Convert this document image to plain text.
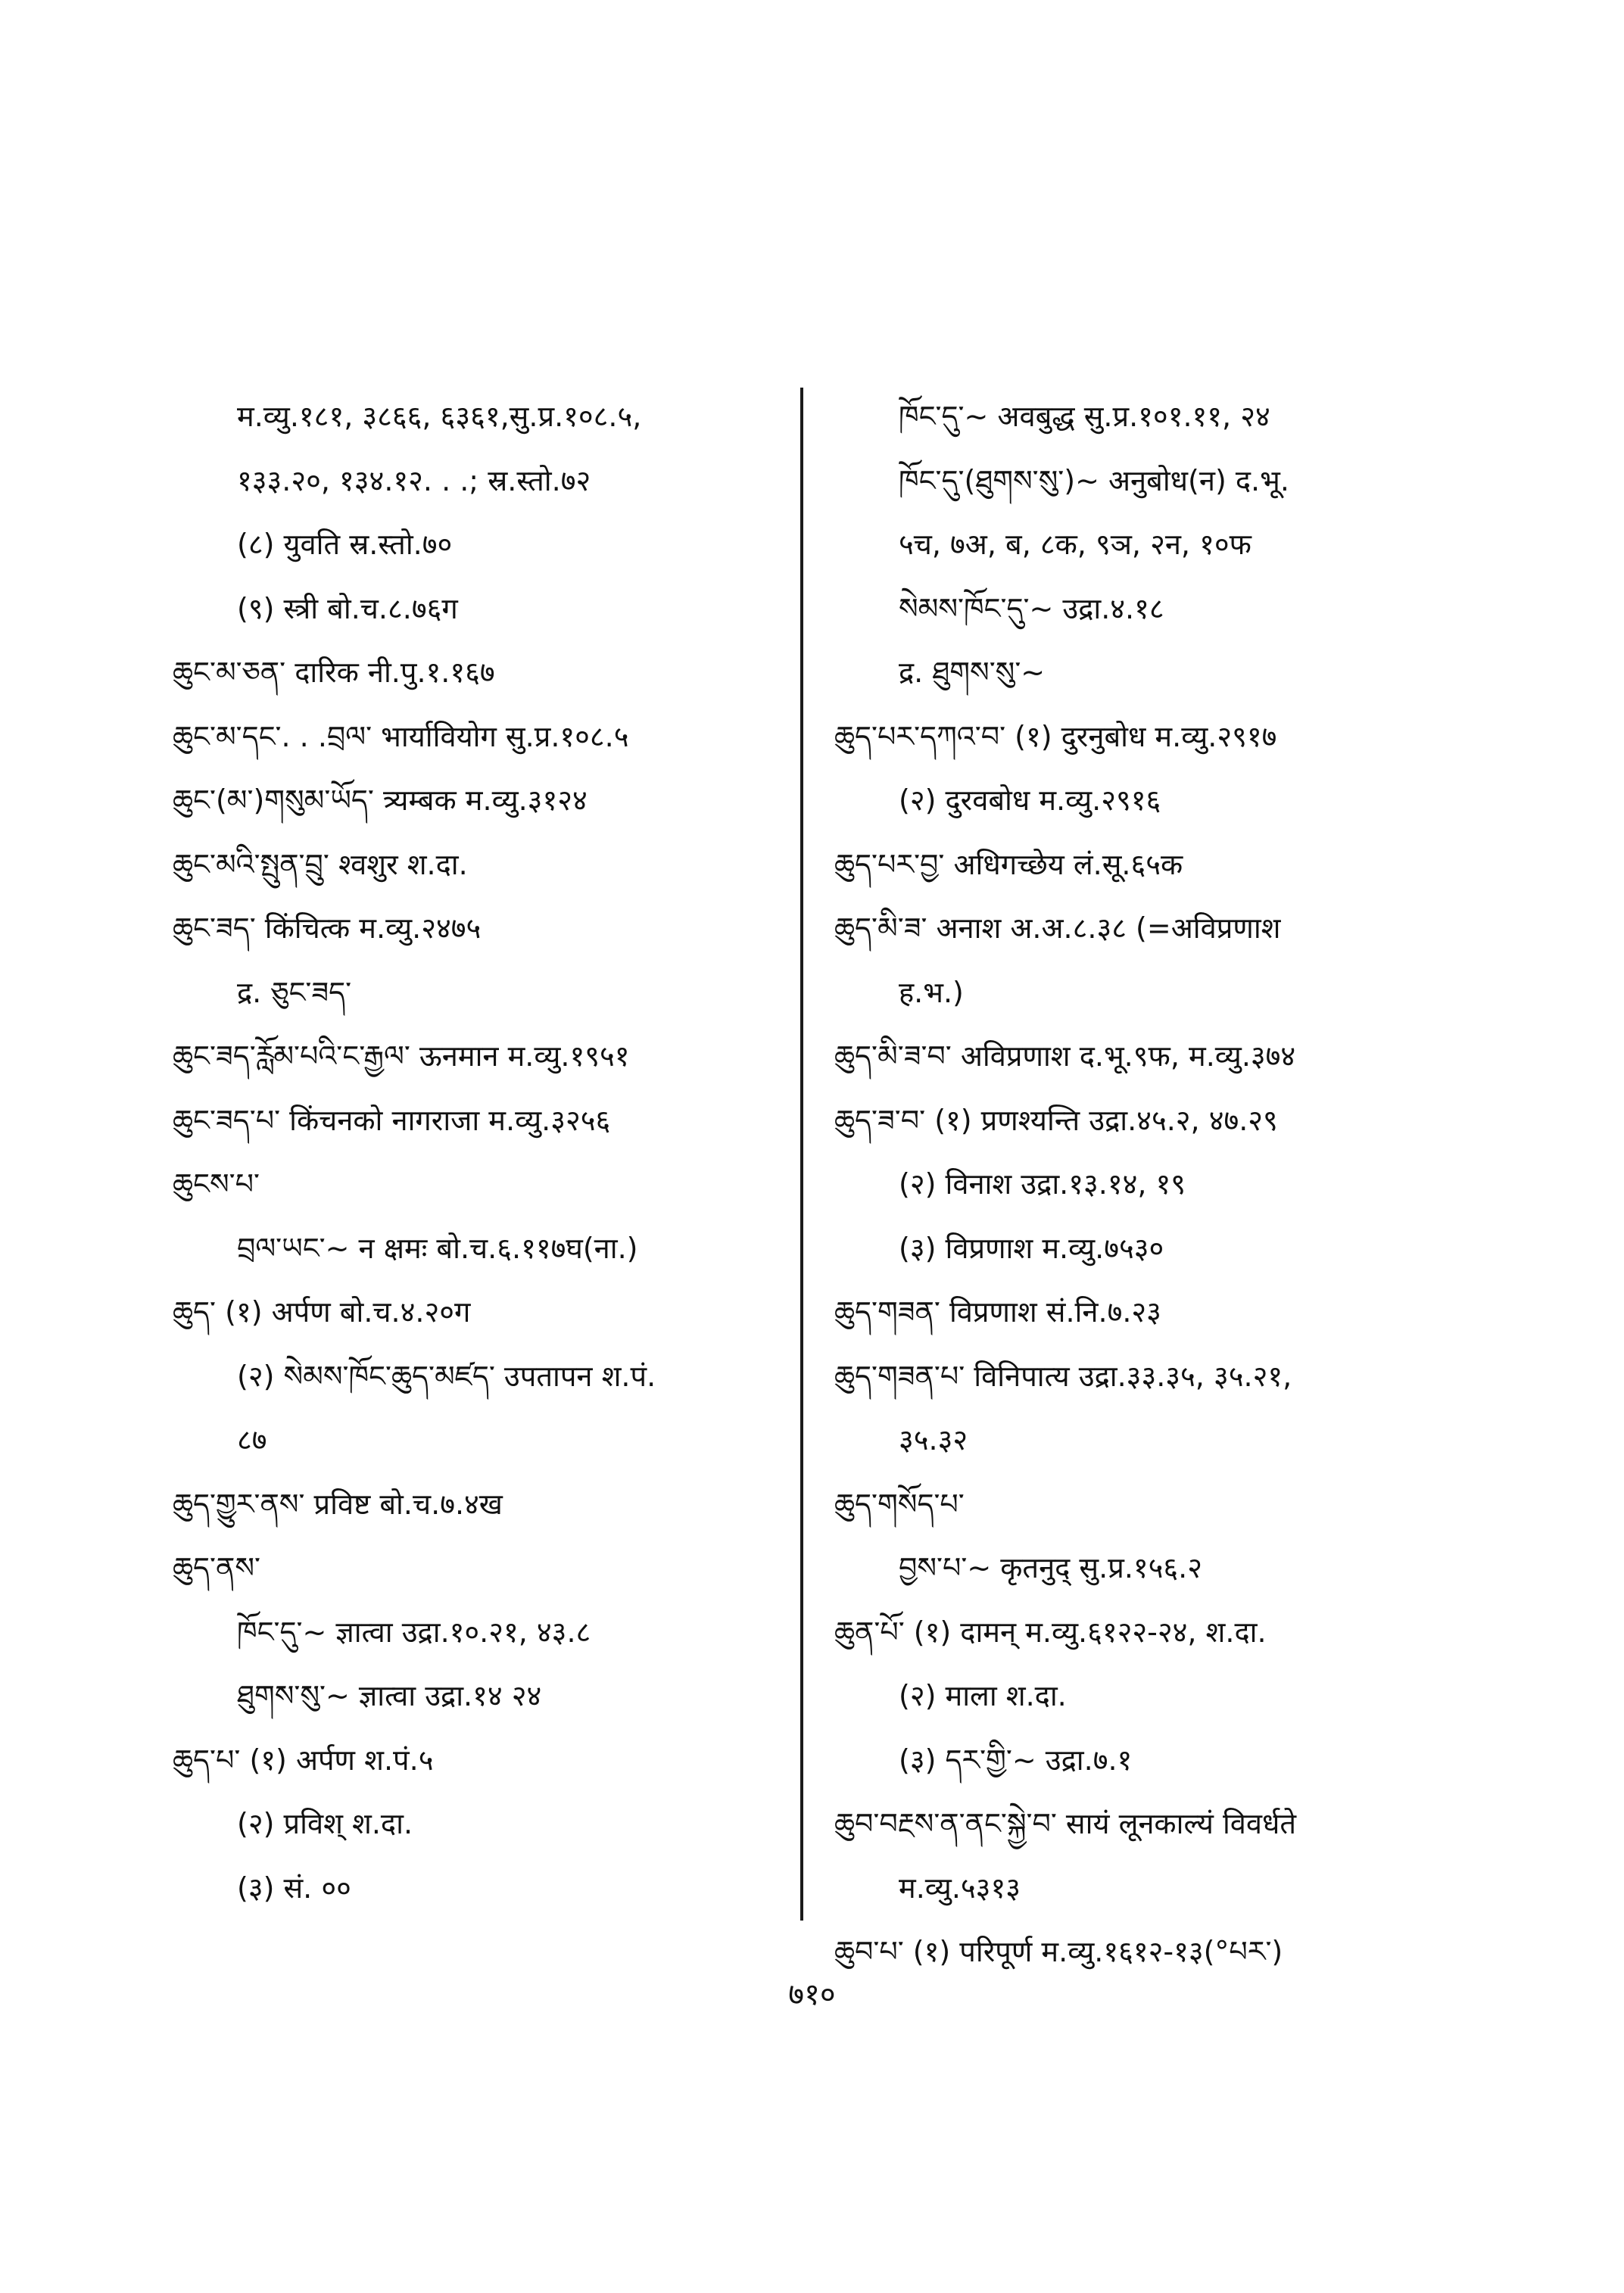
म.व्यु.१८१, ३८६६, ६३६१,सु.प्र.१०८.५,
१३३.२०, १३४.१२. . .; स्र.स्तो.७२
(८) युवति स्र.स्तो.७०
(९) स्त्री बो.च.८.७६ग
ཆུང་མ་ཅན་ दारिक नी.पु.१.१६७
ཆུང་མ་དང་. . .བྲལ་ भार्यावियोग सु.प्र.१०८.५
ཆུང་(མ་)གསུམ་ཡོད་ त्र्यम्बक म.व्यु.३१२४
ཆུང་མའི་སྤུན་བྲུ་ श्वशुर श.दा.
ཆུང་ཟད་ किंचित्क म.व्यु.२४७५
द्र. ཅུང་ཟད་
ཆུང་ཟད་རློམ་པའི་ང་རྒྱལ་ ऊनमान म.व्यु.१९५१
ཆུང་ཟད་པ་ किंचनको नागराजा म.व्यु.३२५६
ཆུངས་པ་
བྲལ་ཡང་~ न क्षमः बो.च.६.११७घ(ना.)
ཆུད་ (१) अर्पण बो.च.४.२०ग
(२) སེམས་ཁོང་ཆུད་མཛད་ उपतापन श.पं.
८७
ཆུད་གྱུར་ནས་ प्रविष्ट बो.च.७.४ख
ཆུད་ནས་
ཁོང་དུ་~ ज्ञात्वा उद्रा.१०.२१, ४३.८
ཐུགས་སུ་~ ज्ञात्वा उद्रा.१४ २४
ཆུད་པ་ (१) अर्पण श.पं.५
(२) प्रविश् श.दा.
(३) सं. ००
ཁོང་དུ་~ अवबुद्ध सु.प्र.१०१.११, २४
ཁོང་དུ་(ཐུགས་སུ་)~ अनुबोध(न) द.भू.
५च, ७अ, ब, ८क, ९ञ, २न, १०फ
སེམས་ཁོང་དུ་~ उद्रा.४.१८
द्र. ཐུགས་སུ་~
ཆུད་པར་དཀའ་བ་ (१) दुरनुबोध म.व्यु.२९१७
(२) दुरवबोध म.व्यु.२९१६
ཆུད་པར་བྱ་ अधिगच्छेय लं.सू.६५क
ཆུད་མི་ཟ་ अनाश अ.अ.८.३८ (=अविप्रणाश
ह.भ.)
ཆུད་མི་ཟ་བ་ अविप्रणाश द.भू.९फ, म.व्यु.३७४
ཆུད་ཟ་བ་ (१) प्रणश्यन्ति उद्रा.४५.२, ४७.२९
(२) विनाश उद्रा.१३.१४, १९
(३) विप्रणाश म.व्यु.७५३०
ཆུད་གཟན་ विप्रणाश सं.नि.७.२३
ཆུད་གཟན་པ་ विनिपात्य उद्रा.३३.३५, ३५.२१,
३५.३२
ཆུད་གསོད་པ་
བྱས་པ་~ कृतनुद् सु.प्र.१५६.२
ཆུན་པོ་ (१) दामन् म.व्यु.६१२२-२४, श.दा.
(२) माला श.दा.
(३) དར་གྱི་~ उद्रा.७.१
ཆུབ་བརྔས་ན་ནང་སྐྱེ་བ་ सायं लूनकाल्यं विवर्धते
म.व्यु.५३१३
ཆུབ་པ་ (१) परिपूर्ण म.व्यु.१६१२-१३(°པར་)
७१०
